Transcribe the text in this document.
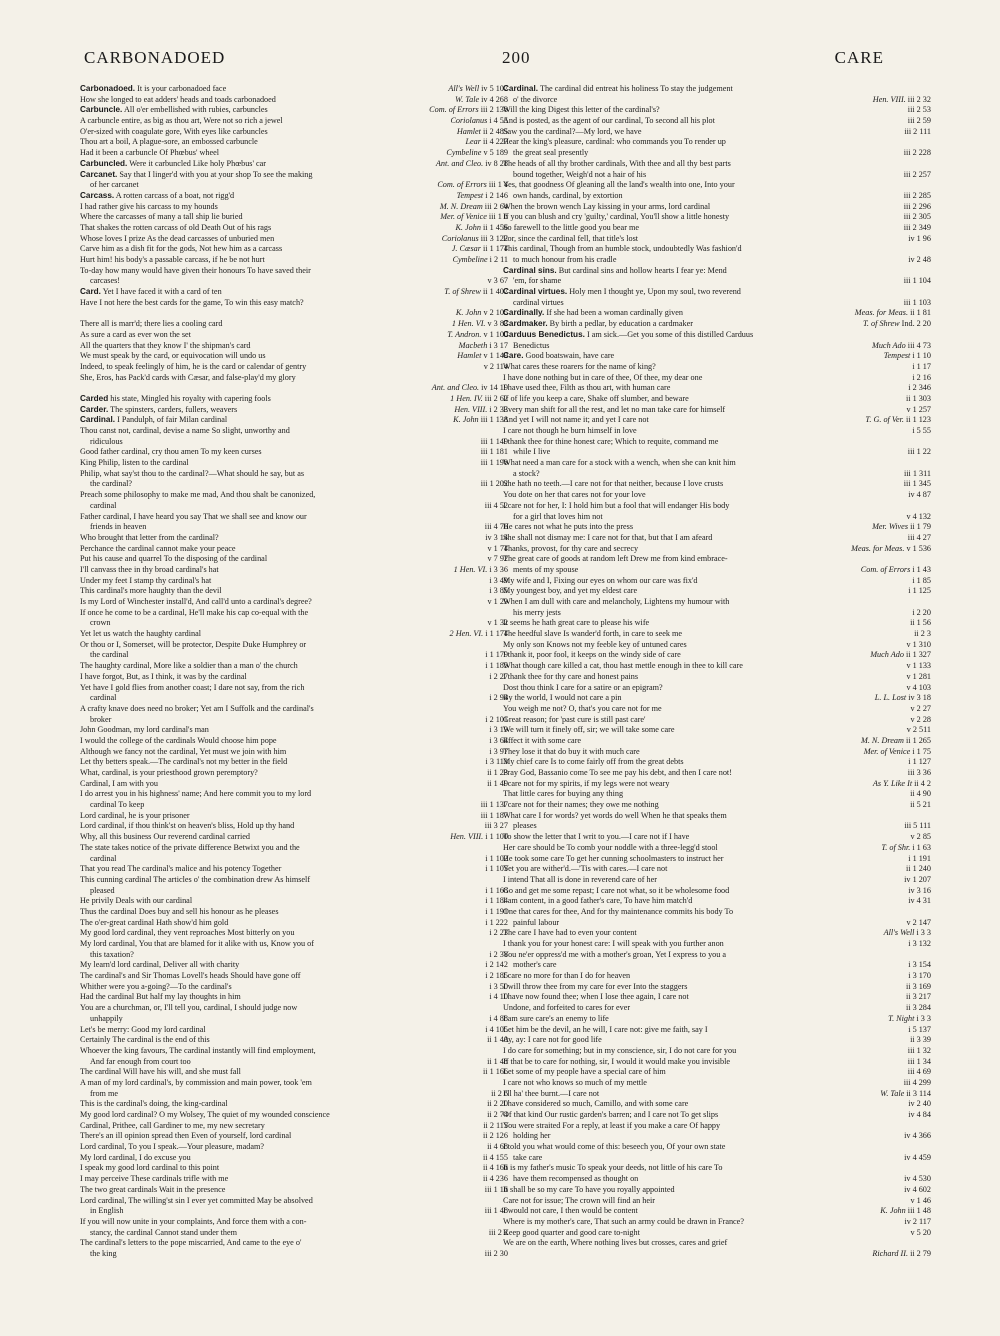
CARBONADOED	200	CARE
Carbonadoed. It is your carbonadoed face	All's Well iv 5 107
How she longed to eat adders' heads and toads carbonadoed	W. Tale iv 4 268
Carbuncle. All o'er embellished with rubies, carbuncles	Com. of Errors iii 2 138
A carbuncle entire, as big as thou art, Were not so rich a jewel	Coriolanus i 4 55
O'er-sized with coagulate gore, With eyes like carbuncles	Hamlet ii 2 485
Thou art a boil, A plague-sore, an embossed carbuncle	Lear ii 4 227
Had it been a carbuncle Of Phœbus' wheel	Cymbeline v 5 189
Carbuncled. Were it carbuncled Like holy Phœbus' car	Ant. and Cleo. iv 8 28
Carcanet. Say that I linger'd with you at your shop To see the making
of her carcanet	Com. of Errors iii 1 4
Carcass. A rotten carcass of a boat, not rigg'd	Tempest i 2 146
I had rather give his carcass to my hounds	M. N. Dream iii 2 64
Where the carcasses of many a tall ship lie buried	Mer. of Venice iii 1 6
That shakes the rotten carcass of old Death Out of his rags	K. John ii 1 456
Whose loves I prize As the dead carcasses of unburied men	Coriolanus iii 3 122
Carve him as a dish fit for the gods, Not hew him as a carcass	J. Cæsar ii 1 174
Hurt him! his body's a passable carcass, if he be not hurt	Cymbeline i 2 11
To-day how many would have given their honours To have saved their
carcases!	v 3 67
Card. Yet I have faced it with a card of ten	T. of Shrew ii 1 407
Have I not here the best cards for the game, To win this easy match?
K. John v 2 105
There all is marr'd; there lies a cooling card	1 Hen. VI. v 3 83
As sure a card as ever won the set	T. Andron. v 1 100
All the quarters that they know I' the shipman's card	Macbeth i 3 17
We must speak by the card, or equivocation will undo us	Hamlet v 1 149
Indeed, to speak feelingly of him, he is the card or calendar of gentry	v 2 114
She, Eros, has Pack'd cards with Cæsar, and false-play'd my glory
Ant. and Cleo. iv 14 19
Carded his state, Mingled his royalty with capering fools	1 Hen. IV. iii 2 62
Carder. The spinsters, carders, fullers, weavers	Hen. VIII. i 2 33
Cardinal. I Pandulph, of fair Milan cardinal	K. John iii 1 138
Thou canst not, cardinal, devise a name So slight, unworthy and
ridiculous	iii 1 149
Good father cardinal, cry thou amen To my keen curses	iii 1 181
King Philip, listen to the cardinal	iii 1 198
Philip, what say'st thou to the cardinal?—What should he say, but as
the cardinal?	iii 1 202
Preach some philosophy to make me mad, And thou shalt be canonized,
cardinal	iii 4 52
Father cardinal, I have heard you say That we shall see and know our
friends in heaven	iii 4 76
Who brought that letter from the cardinal?	iv 3 14
Perchance the cardinal cannot make your peace	v 1 74
Put his cause and quarrel To the disposing of the cardinal	v 7 92
I'll canvass thee in thy broad cardinal's hat	1 Hen. VI. i 3 36
Under my feet I stamp thy cardinal's hat	i 3 49
This cardinal's more haughty than the devil	i 3 85
Is my Lord of Winchester install'd, And call'd unto a cardinal's degree?	v 1 29
If once he come to be a cardinal, He'll make his cap co-equal with the
crown	v 1 32
Yet let us watch the haughty cardinal	2 Hen. VI. i 1 174
Or thou or I, Somerset, will be protector, Despite Duke Humphrey or
the cardinal	i 1 179
The haughty cardinal, More like a soldier than a man o' the church	i 1 185
I have forgot, But, as I think, it was by the cardinal	i 2 27
Yet have I gold flies from another coast; I dare not say, from the rich
cardinal	i 2 94
A crafty knave does need no broker; Yet am I Suffolk and the cardinal's
broker	i 2 101
John Goodman, my lord cardinal's man	i 3 19
I would the college of the cardinals Would choose him pope	i 3 64
Although we fancy not the cardinal, Yet must we join with him	i 3 97
Let thy betters speak.—The cardinal's not my better in the field	i 3 113
What, cardinal, is your priesthood grown peremptory?	ii 1 23
Cardinal, I am with you	ii 1 49
I do arrest you in his highness' name; And here commit you to my lord
cardinal To keep	iii 1 137
Lord cardinal, he is your prisoner	iii 1 187
Lord cardinal, if thou think'st on heaven's bliss, Hold up thy hand	iii 3 27
Why, all this business Our reverend cardinal carried	Hen. VIII. i 1 100
The state takes notice of the private difference Betwixt you and the
cardinal	i 1 102
That you read The cardinal's malice and his potency Together	i 1 105
This cunning cardinal The articles o' the combination drew As himself
pleased	i 1 168
He privily Deals with our cardinal	i 1 184
Thus the cardinal Does buy and sell his honour as he pleases	i 1 191
The o'er-great cardinal Hath show'd him gold	i 1 222
My good lord cardinal, they vent reproaches Most bitterly on you	i 2 23
My lord cardinal, You that are blamed for it alike with us, Know you of
this taxation?	i 2 38
My learn'd lord cardinal, Deliver all with charity	i 2 142
The cardinal's and Sir Thomas Lovell's heads Should have gone off	i 2 185
Whither were you a-going?—To the cardinal's	i 3 50
Had the cardinal But half my lay thoughts in him	i 4 10
You are a churchman, or, I'll tell you, cardinal, I should judge now
unhappily	i 4 88
Let's be merry: Good my lord cardinal	i 4 105
Certainly The cardinal is the end of this	ii 1 40
Whoever the king favours, The cardinal instantly will find employment,
And far enough from court too	ii 1 48
The cardinal Will have his will, and she must fall	ii 1 166
A man of my lord cardinal's, by commission and main power, took 'em
from me	ii 2 6
This is the cardinal's doing, the king-cardinal	ii 2 20
My good lord cardinal? O my Wolsey, The quiet of my wounded conscience	ii 2 74
Cardinal, Prithee, call Gardiner to me, my new secretary	ii 2 115
There's an ill opinion spread then Even of yourself, lord cardinal	ii 2 126
Lord cardinal, To you I speak.—Your pleasure, madam?	ii 4 68
My lord cardinal, I do excuse you	ii 4 155
I speak my good lord cardinal to this point	ii 4 166
I may perceive These cardinals trifle with me	ii 4 236
The two great cardinals Wait in the presence	iii 1 16
Lord cardinal, The willing'st sin I ever yet committed May be absolved
in English	iii 1 48
If you will now unite in your complaints, And force them with a con-
stancy, the cardinal Cannot stand under them	iii 2 2
The cardinal's letters to the pope miscarried, And came to the eye o'
the king	iii 2 30
Cardinal. The cardinal did entreat his holiness To stay the judgement
o' the divorce	Hen. VIII. iii 2 32
Will the king Digest this letter of the cardinal's?	iii 2 53
And is posted, as the agent of our cardinal, To second all his plot	iii 2 59
Saw you the cardinal?—My lord, we have	iii 2 111
Hear the king's pleasure, cardinal: who commands you To render up
the great seal presently	iii 2 228
The heads of all thy brother cardinals, With thee and all thy best parts
bound together, Weigh'd not a hair of his	iii 2 257
Yes, that goodness Of gleaning all the land's wealth into one, Into your
own hands, cardinal, by extortion	iii 2 285
When the brown wench Lay kissing in your arms, lord cardinal	iii 2 296
If you can blush and cry 'guilty,' cardinal, You'll show a little honesty	iii 2 305
So farewell to the little good you bear me	iii 2 349
For, since the cardinal fell, that title's lost	iv 1 96
This cardinal, Though from an humble stock, undoubtedly Was fashion'd
to much honour from his cradle	iv 2 48
Cardinal sins. But cardinal sins and hollow hearts I fear ye: Mend
'em, for shame	iii 1 104
Cardinal virtues. Holy men I thought ye, Upon my soul, two reverend
cardinal virtues	iii 1 103
Cardinally. If she had been a woman cardinally given	Meas. for Meas. ii 1 81
Cardmaker. By birth a pedlar, by education a cardmaker	T. of Shrew Ind. 2 20
Carduus Benedictus. I am sick.—Get you some of this distilled Carduus
Benedictus	Much Ado iii 4 73
Care. Good boatswain, have care	Tempest i 1 10
What cares these roarers for the name of king?	i 1 17
I have done nothing but in care of thee, Of thee, my dear one	i 2 16
I have used thee, Filth as thou art, with human care	i 2 346
If of life you keep a care, Shake off slumber, and beware	ii 1 303
Every man shift for all the rest, and let no man take care for himself	v 1 257
And yet I will not name it; and yet I care not	T. G. of Ver. ii 1 123
I care not though he burn himself in love	i 5 55
I thank thee for thine honest care; Which to requite, command me
while I live	iii 1 22
What need a man care for a stock with a wench, when she can knit him
a stock?	iii 1 311
She hath no teeth.—I care not for that neither, because I love crusts	iii 1 345
You dote on her that cares not for your love	iv 4 87
I care not for her, I: I hold him but a fool that will endanger His body
for a girl that loves him not	v 4 132
He cares not what he puts into the press	Mer. Wives ii 1 79
She shall not dismay me: I care not for that, but that I am afeard	iii 4 27
Thanks, provost, for thy care and secrecy	Meas. for Meas. v 1 536
The great care of goods at random left Drew me from kind embrace-
ments of my spouse	Com. of Errors i 1 43
My wife and I, Fixing our eyes on whom our care was fix'd	i 1 85
My youngest boy, and yet my eldest care	i 1 125
When I am dull with care and melancholy, Lightens my humour with
his merry jests	i 2 20
It seems he hath great care to please his wife	ii 1 56
The heedful slave Is wander'd forth, in care to seek me	ii 2 3
My only son Knows not my feeble key of untuned cares	v 1 310
I thank it, poor fool, it keeps on the windy side of care	Much Ado ii 1 327
What though care killed a cat, thou hast mettle enough in thee to kill care	v 1 133
I thank thee for thy care and honest pains	v 1 281
Dost thou think I care for a satire or an epigram?	v 4 103
By the world, I would not care a pin	L. L. Lost iv 3 18
You weigh me not? O, that's you care not for me	v 2 27
Great reason; for 'past cure is still past care'	v 2 28
We will turn it finely off, sir; we will take some care	v 2 511
Effect it with some care	M. N. Dream ii 1 265
They lose it that do buy it with much care	Mer. of Venice i 1 75
My chief care Is to come fairly off from the great debts	i 1 127
Pray God, Bassanio come To see me pay his debt, and then I care not!	iii 3 36
I care not for my spirits, if my legs were not weary	As Y. Like It ii 4 2
That little cares for buying any thing	ii 4 90
I care not for their names; they owe me nothing	ii 5 21
What care I for words? yet words do well When he that speaks them
pleases	iii 5 111
To show the letter that I writ to you.—I care not if I have	v 2 85
Her care should be To comb your noddle with a three-legg'd stool	T. of Shr. i 1 63
He took some care To get her cunning schoolmasters to instruct her	i 1 191
Yet you are wither'd.—'Tis with cares.—I care not	ii 1 240
I intend That all is done in reverend care of her	iv 1 207
Go and get me some repast; I care not what, so it be wholesome food	iv 3 16
I am content, in a good father's care, To have him match'd	iv 4 31
One that cares for thee, And for thy maintenance commits his body To
painful labour	v 2 147
The care I have had to even your content	All's Well i 3 3
I thank you for your honest care: I will speak with you further anon	i 3 132
You ne'er oppress'd me with a mother's groan, Yet I express to you a
mother's care	i 3 154
I care no more for than I do for heaven	i 3 170
I will throw thee from my care for ever Into the staggers	ii 3 169
I have now found thee; when I lose thee again, I care not	ii 3 217
Undone, and forfeited to cares for ever	ii 3 284
I am sure care's an enemy to life	T. Night i 3 3
Let him be the devil, an he will, I care not: give me faith, say I	i 5 137
Ay, ay: I care not for good life	ii 3 39
I do care for something; but in my conscience, sir, I do not care for you	iii 1 32
If that be to care for nothing, sir, I would it would make you invisible	iii 1 34
Let some of my people have a special care of him	iii 4 69
I care not who knows so much of my mettle	iii 4 299
I'll ha' thee burnt.—I care not	W. Tale ii 3 114
I have considered so much, Camillo, and with some care	iv 2 40
Of that kind Our rustic garden's barren; and I care not To get slips	iv 4 84
You were straited For a reply, at least if you make a care Of happy
holding her	iv 4 366
I told you what would come of this: beseech you, Of your own state
take care	iv 4 459
It is my father's music To speak your deeds, not little of his care To
have them recompensed as thought on	iv 4 530
It shall be so my care To have you royally appointed	iv 4 602
Care not for issue; The crown will find an heir	v 1 46
I would not care, I then would be content	K. John iii 1 48
Where is my mother's care, That such an army could be drawn in France?	iv 2 117
Keep good quarter and good care to-night	v 5 20
We are on the earth, Where nothing lives but crosses, cares and grief
Richard II. ii 2 79
